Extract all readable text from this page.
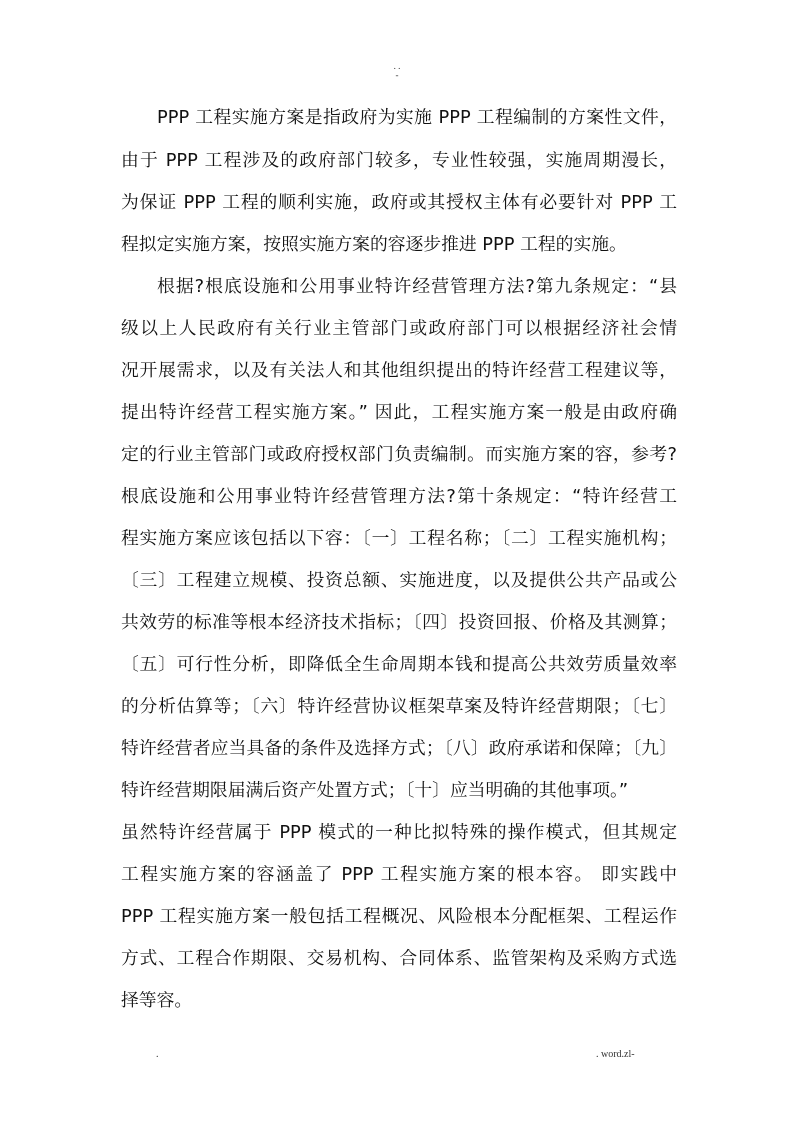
. .
-
PPP 工程实施方案是指政府为实施 PPP 工程编制的方案性文件，
由于 PPP 工程涉及的政府部门较多，专业性较强，实施周期漫长，
为保证 PPP 工程的顺利实施，政府或其授权主体有必要针对 PPP 工
程拟定实施方案，按照实施方案的容逐步推进 PPP 工程的实施。
根据?根底设施和公用事业特许经营管理方法?第九条规定：“县
级以上人民政府有关行业主管部门或政府部门可以根据经济社会情
况开展需求，以及有关法人和其他组织提出的特许经营工程建议等，
提出特许经营工程实施方案。” 因此，工程实施方案一般是由政府确
定的行业主管部门或政府授权部门负责编制。而实施方案的容，参考?
根底设施和公用事业特许经营管理方法?第十条规定：“特许经营工
程实施方案应该包括以下容：〔一〕工程名称；〔二〕工程实施机构；
〔三〕工程建立规模、投资总额、实施进度，以及提供公共产品或公
共效劳的标准等根本经济技术指标；〔四〕投资回报、价格及其测算；
〔五〕可行性分析，即降低全生命周期本钱和提高公共效劳质量效率
的分析估算等；〔六〕特许经营协议框架草案及特许经营期限；〔七〕
特许经营者应当具备的条件及选择方式；〔八〕政府承诺和保障；〔九〕
特许经营期限届满后资产处置方式；〔十〕应当明确的其他事项。”
虽然特许经营属于 PPP 模式的一种比拟特殊的操作模式，但其规定
工程实施方案的容涵盖了 PPP 工程实施方案的根本容。 即实践中
PPP 工程实施方案一般包括工程概况、风险根本分配框架、工程运作
方式、工程合作期限、交易机构、合同体系、监管架构及采购方式选
择等容。
.	. word.zl-
